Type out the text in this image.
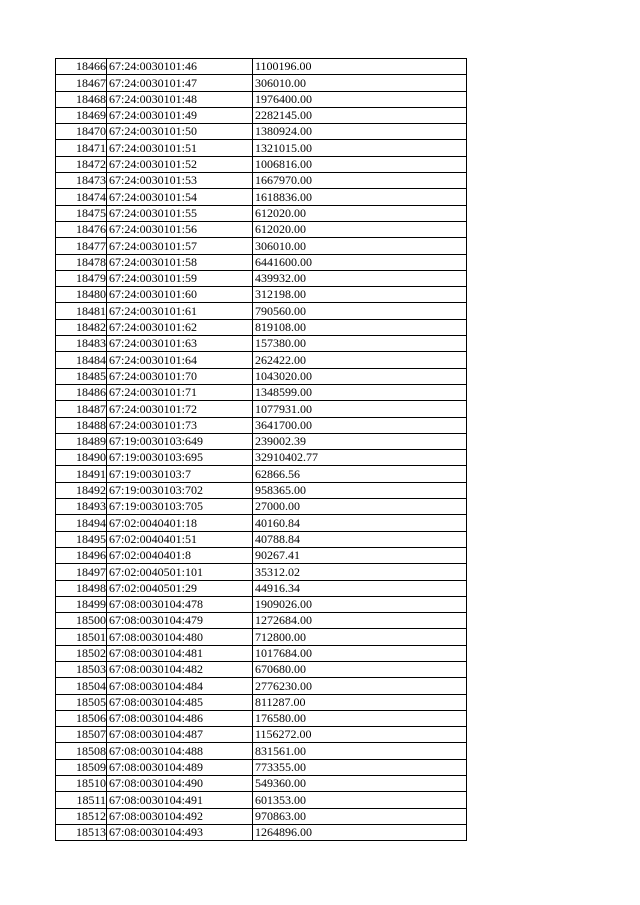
18466	67:24:0030101:46	1100196.00
18467	67:24:0030101:47	306010.00
18468	67:24:0030101:48	1976400.00
18469	67:24:0030101:49	2282145.00
18470	67:24:0030101:50	1380924.00
18471	67:24:0030101:51	1321015.00
18472	67:24:0030101:52	1006816.00
18473	67:24:0030101:53	1667970.00
18474	67:24:0030101:54	1618836.00
18475	67:24:0030101:55	612020.00
18476	67:24:0030101:56	612020.00
18477	67:24:0030101:57	306010.00
18478	67:24:0030101:58	6441600.00
18479	67:24:0030101:59	439932.00
18480	67:24:0030101:60	312198.00
18481	67:24:0030101:61	790560.00
18482	67:24:0030101:62	819108.00
18483	67:24:0030101:63	157380.00
18484	67:24:0030101:64	262422.00
18485	67:24:0030101:70	1043020.00
18486	67:24:0030101:71	1348599.00
18487	67:24:0030101:72	1077931.00
18488	67:24:0030101:73	3641700.00
18489	67:19:0030103:649	239002.39
18490	67:19:0030103:695	32910402.77
18491	67:19:0030103:7	62866.56
18492	67:19:0030103:702	958365.00
18493	67:19:0030103:705	27000.00
18494	67:02:0040401:18	40160.84
18495	67:02:0040401:51	40788.84
18496	67:02:0040401:8	90267.41
18497	67:02:0040501:101	35312.02
18498	67:02:0040501:29	44916.34
18499	67:08:0030104:478	1909026.00
18500	67:08:0030104:479	1272684.00
18501	67:08:0030104:480	712800.00
18502	67:08:0030104:481	1017684.00
18503	67:08:0030104:482	670680.00
18504	67:08:0030104:484	2776230.00
18505	67:08:0030104:485	811287.00
18506	67:08:0030104:486	176580.00
18507	67:08:0030104:487	1156272.00
18508	67:08:0030104:488	831561.00
18509	67:08:0030104:489	773355.00
18510	67:08:0030104:490	549360.00
18511	67:08:0030104:491	601353.00
18512	67:08:0030104:492	970863.00
18513	67:08:0030104:493	1264896.00
